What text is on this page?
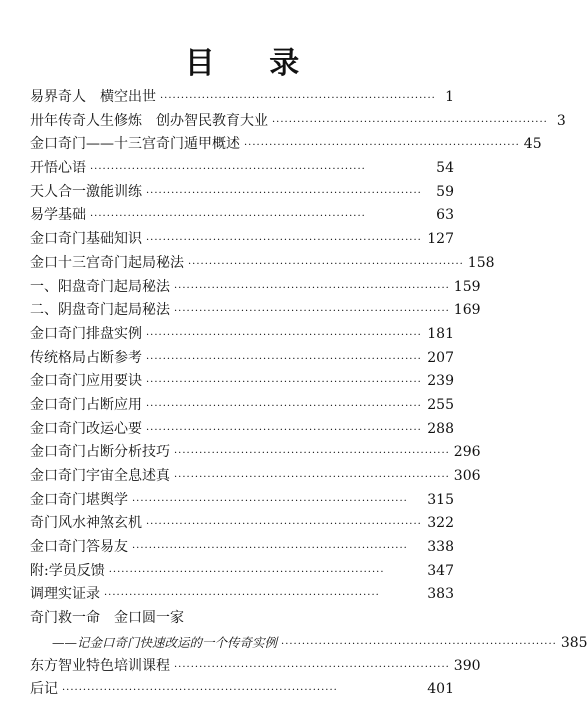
目 录
易界奇人　横空出世 ·································································· 1
卅年传奇人生修炼　创办智民教育大业 ·································································· 3
金口奇门——十三宫奇门遁甲概述 ·································································· 45
开悟心语 ··································································	54
天人合一激能训练 ··································································	59
易学基础 ··································································	63
金口奇门基础知识 ·································································· 127
金口十三宫奇门起局秘法 ·································································· 158
一、阳盘奇门起局秘法 ·································································· 159
二、阴盘奇门起局秘法 ·································································· 169
金口奇门排盘实例 ·································································· 181
传统格局占断参考 ·································································· 207
金口奇门应用要诀 ·································································· 239
金口奇门占断应用 ·································································· 255
金口奇门改运心要 ·································································· 288
金口奇门占断分析技巧 ·································································· 296
金口奇门宇宙全息述真 ·································································· 306
金口奇门堪舆学 ··································································	315
奇门风水神煞玄机 ·································································· 322
金口奇门答易友 ··································································	338
附:学员反馈 ··································································	347
调理实证录 ··································································	383
奇门救一命　金口圆一家
——记金口奇门快速改运的一个传奇实例 ·································································· 385
东方智业特色培训课程 ·································································· 390
后记 ··································································	401
